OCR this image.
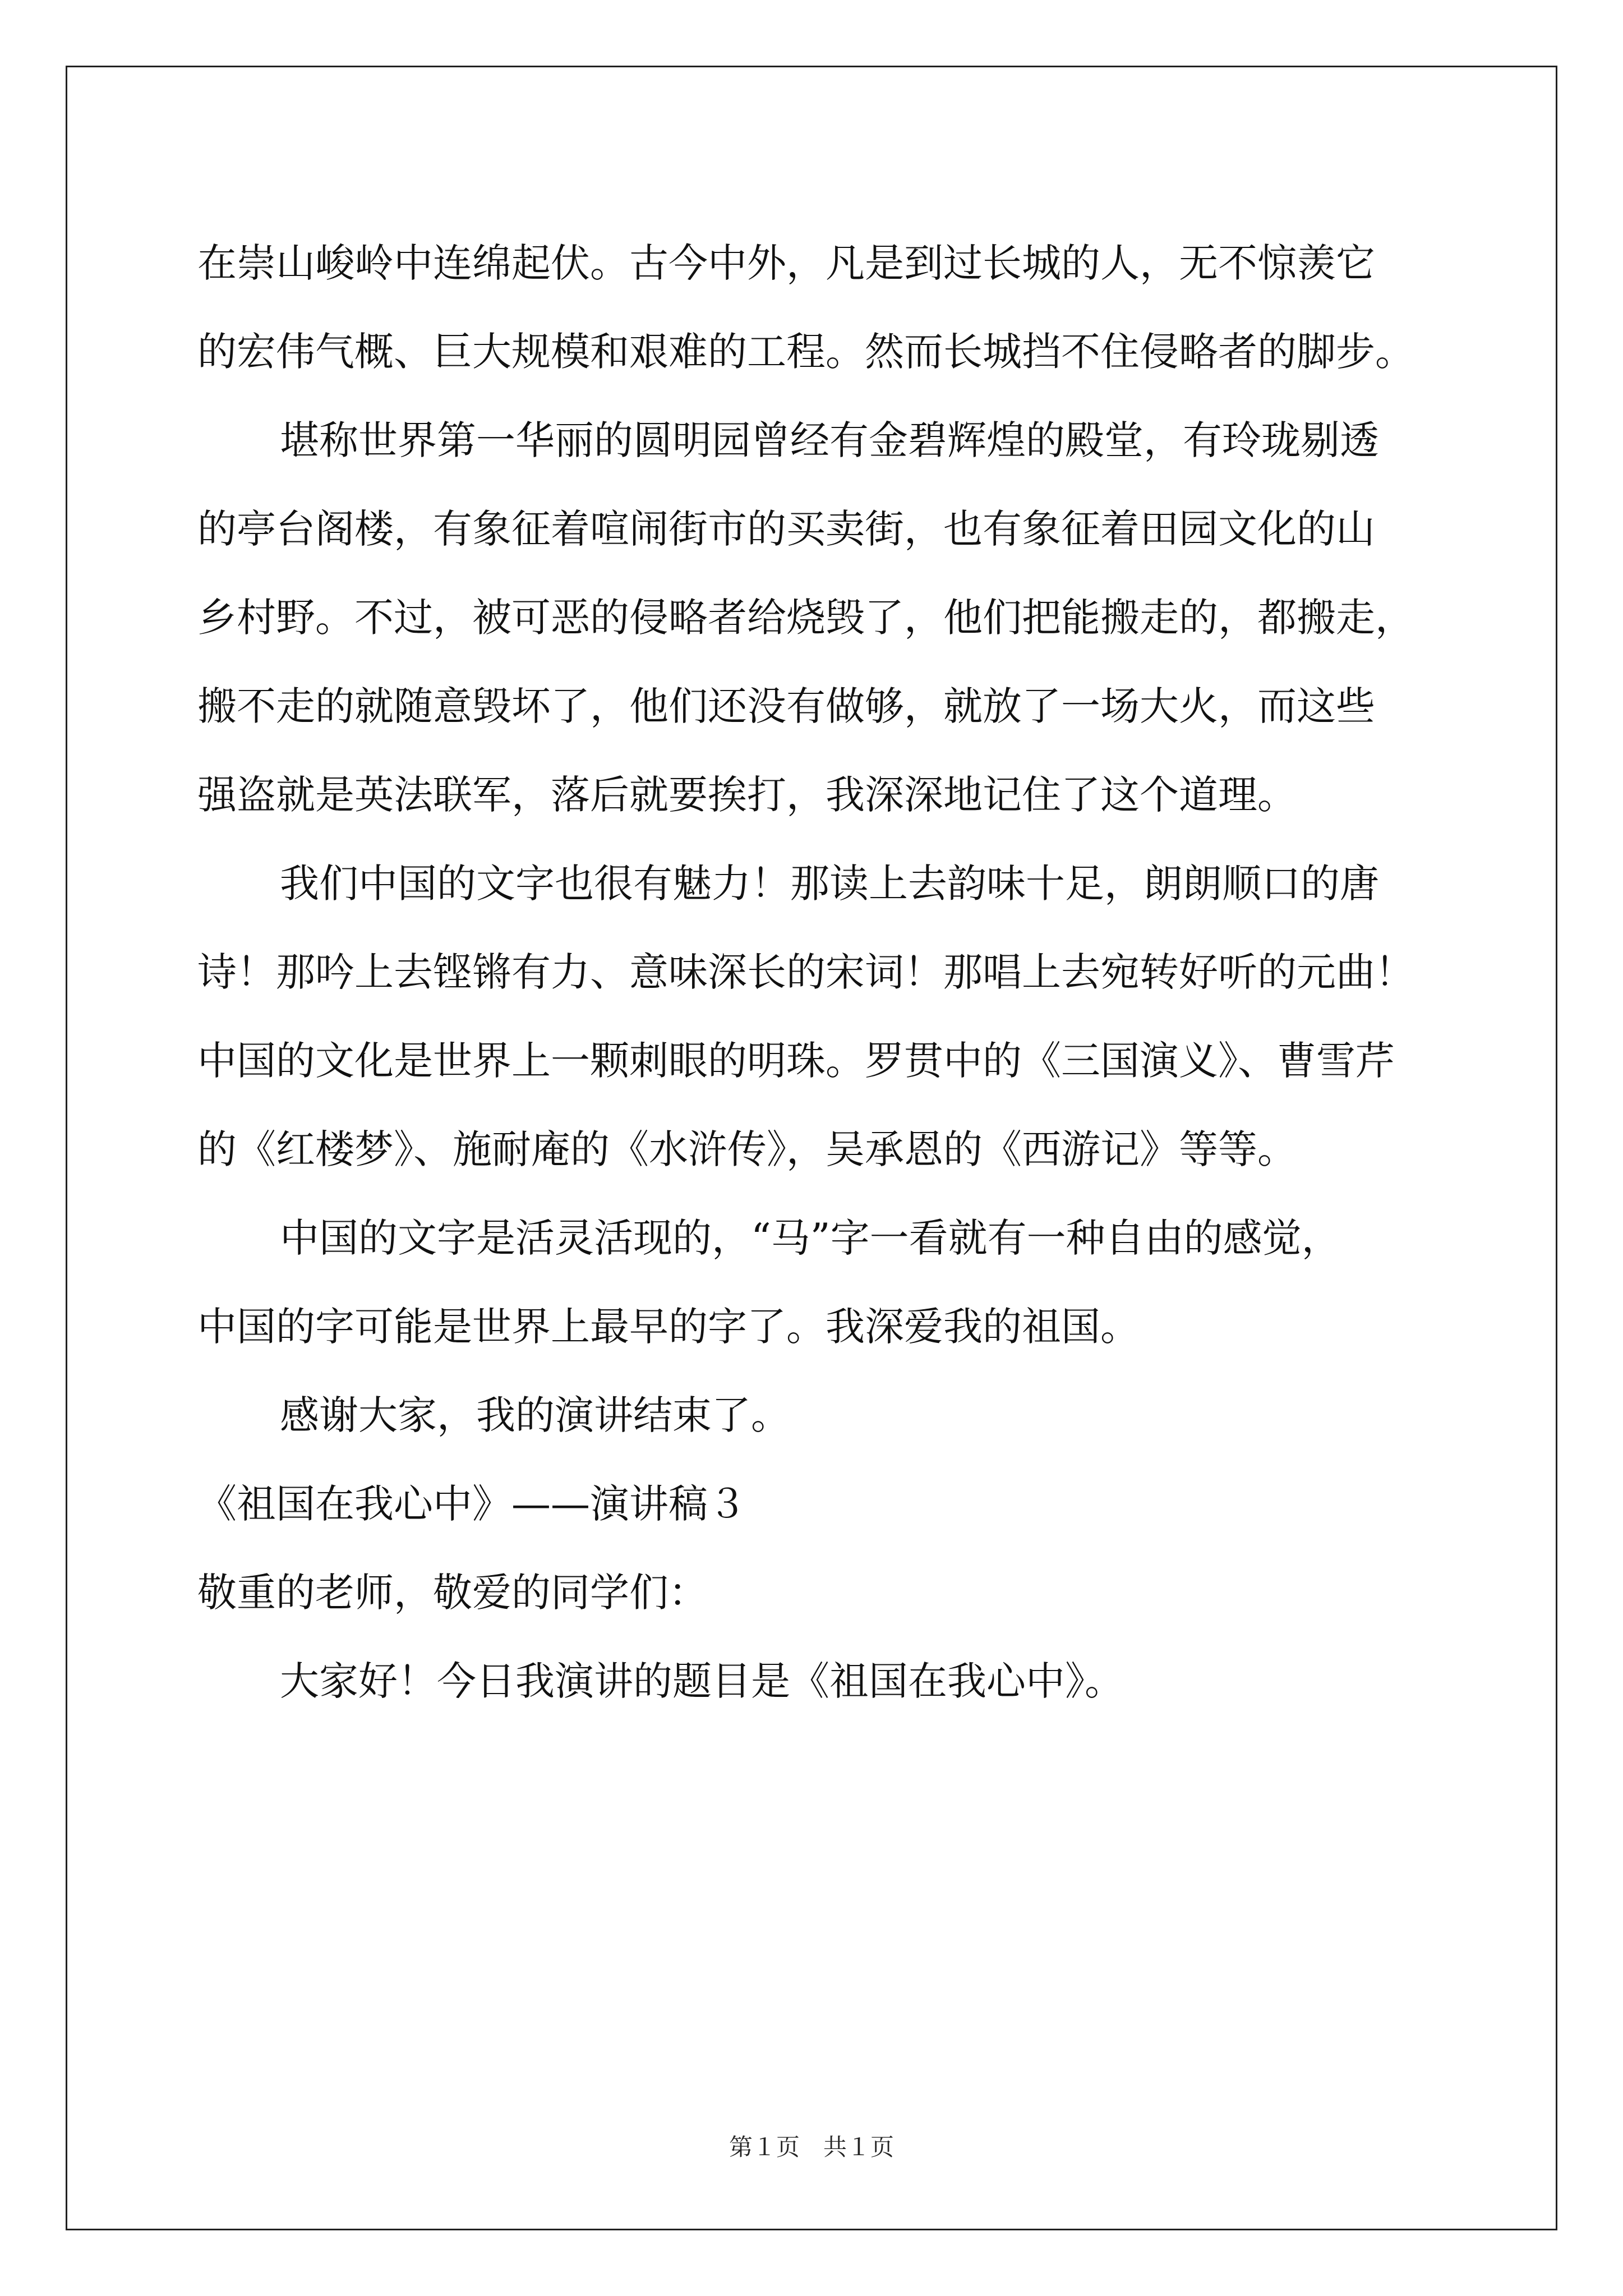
在崇山峻岭中连绵起伏。古今中外，凡是到过长城的人，无不惊羡它
的宏伟气概、巨大规模和艰难的工程。然而长城挡不住侵略者的脚步。
堪称世界第一华丽的圆明园曾经有金碧辉煌的殿堂，有玲珑剔透
的亭台阁楼，有象征着喧闹街市的买卖街，也有象征着田园文化的山
乡村野。不过，被可恶的侵略者给烧毁了，他们把能搬走的，都搬走，
搬不走的就随意毁坏了，他们还没有做够，就放了一场大火，而这些
强盗就是英法联军，落后就要挨打，我深深地记住了这个道理。
我们中国的文字也很有魅力！那读上去韵味十足，朗朗顺口的唐
诗！那吟上去铿锵有力、意味深长的宋词！那唱上去宛转好听的元曲！
中国的文化是世界上一颗刺眼的明珠。罗贯中的《三国演义》、曹雪芹
的《红楼梦》、施耐庵的《水浒传》，吴承恩的《西游记》等等。
中国的文字是活灵活现的，“马”字一看就有一种自由的感觉，
中国的字可能是世界上最早的字了。我深爱我的祖国。
感谢大家，我的演讲结束了。
《祖国在我心中》——演讲稿３
敬重的老师，敬爱的同学们：
大家好！今日我演讲的题目是《祖国在我心中》。
第１页　共１页
